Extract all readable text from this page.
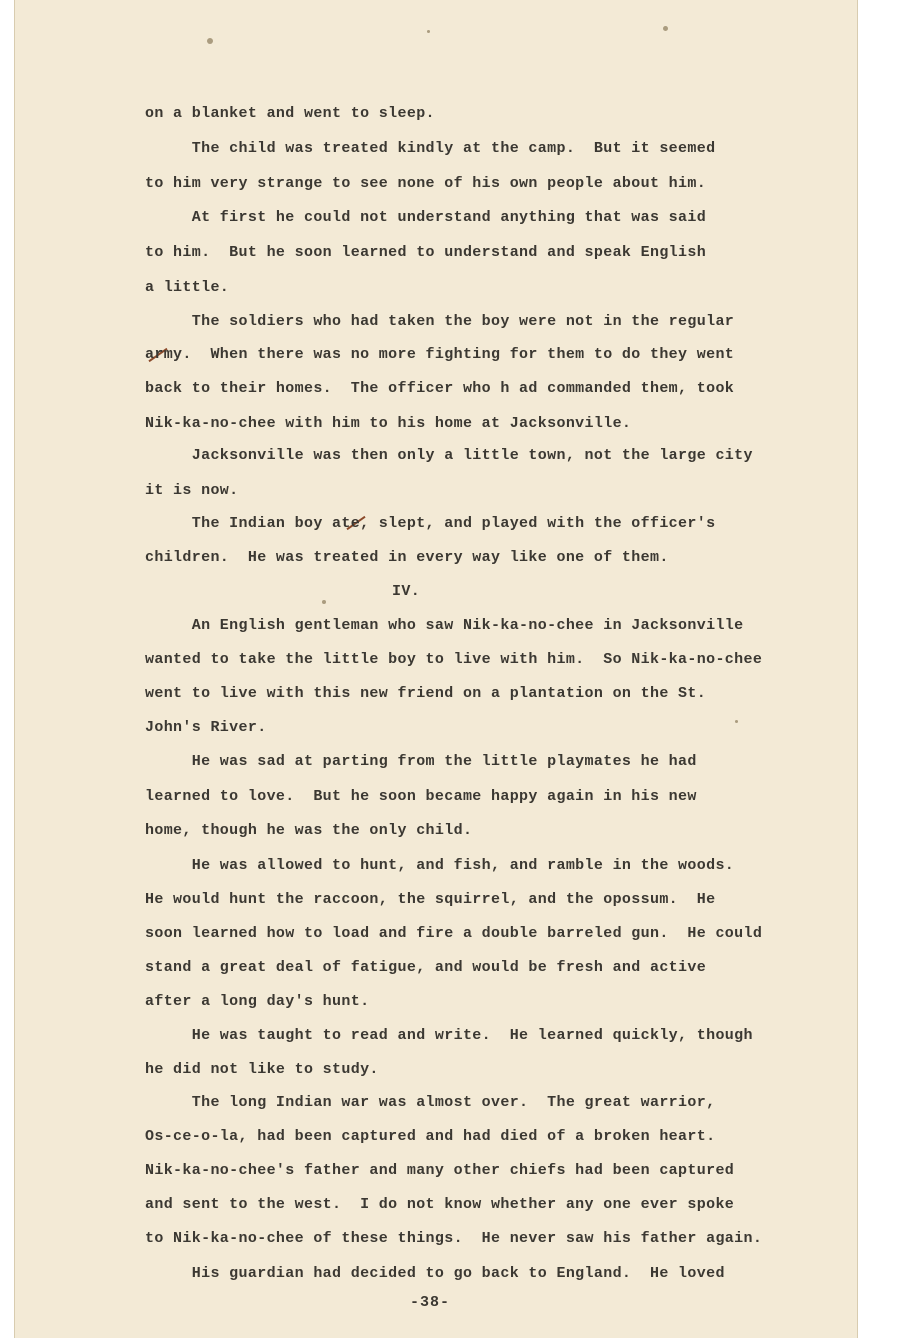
on a blanket and went to sleep.
The child was treated kindly at the camp.  But it seemed
to him very strange to see none of his own people about him.
At first he could not understand anything that was said
to him.  But he soon learned to understand and speak English
a little.
The soldiers who had taken the boy were not in the regular
army.  When there was no more fighting for them to do they went
back to their homes.  The officer who h ad commanded them, took
Nik-ka-no-chee with him to his home at Jacksonville.
Jacksonville was then only a little town, not the large city
it is now.
The Indian boy ate, slept, and played with the officer's
children.  He was treated in every way like one of them.
IV.
An English gentleman who saw Nik-ka-no-chee in Jacksonville
wanted to take the little boy to live with him.  So Nik-ka-no-chee
went to live with this new friend on a plantation on the St.
John's River.
He was sad at parting from the little playmates he had
learned to love.  But he soon became happy again in his new
home, though he was the only child.
He was allowed to hunt, and fish, and ramble in the woods.
He would hunt the raccoon, the squirrel, and the opossum.  He
soon learned how to load and fire a double barreled gun.  He could
stand a great deal of fatigue, and would be fresh and active
after a long day's hunt.
He was taught to read and write.  He learned quickly, though
he did not like to study.
The long Indian war was almost over.  The great warrior,
Os-ce-o-la, had been captured and had died of a broken heart.
Nik-ka-no-chee's father and many other chiefs had been captured
and sent to the west.  I do not know whether any one ever spoke
to Nik-ka-no-chee of these things.  He never saw his father again.
His guardian had decided to go back to England.  He loved
-38-
